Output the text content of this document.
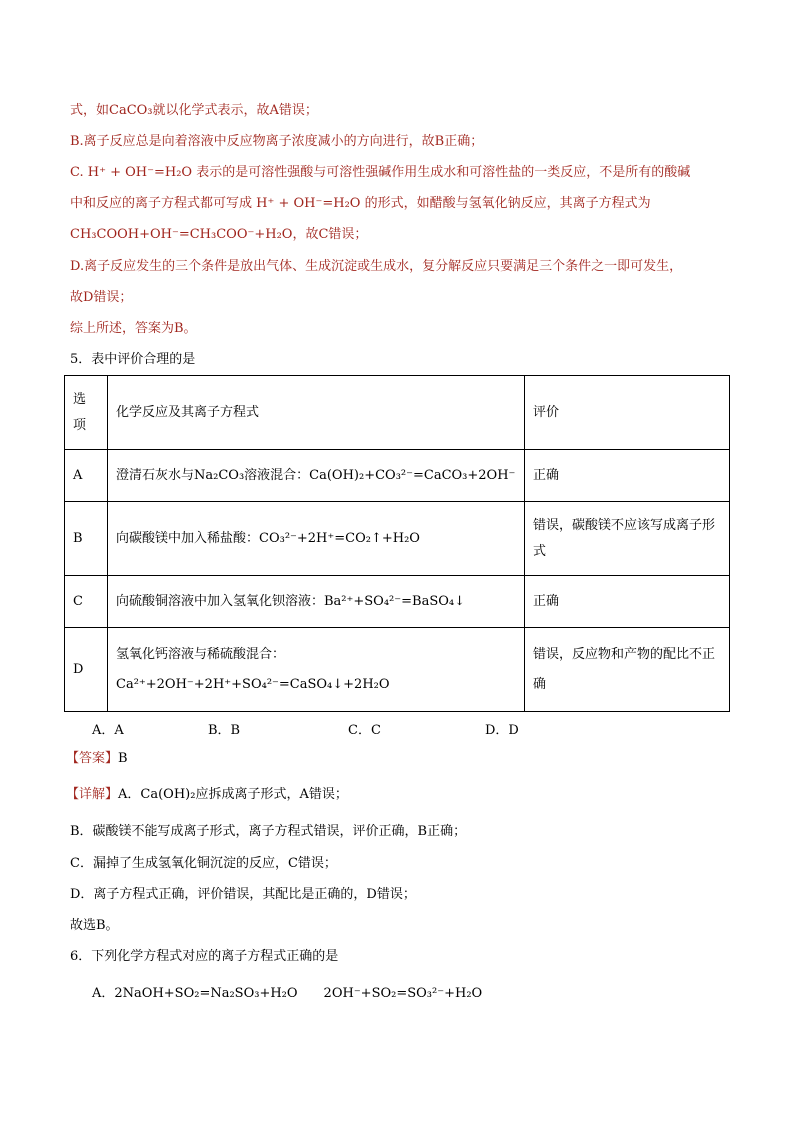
式，如CaCO₃就以化学式表示，故A错误；
B.离子反应总是向着溶液中反应物离子浓度减小的方向进行，故B正确；
C. H⁺ + OH⁻=H₂O 表示的是可溶性强酸与可溶性强碱作用生成水和可溶性盐的一类反应，不是所有的酸碱
中和反应的离子方程式都可写成 H⁺ + OH⁻=H₂O 的形式，如醋酸与氢氧化钠反应，其离子方程式为
CH₃COOH+OH⁻=CH₃COO⁻+H₂O，故C错误；
D.离子反应发生的三个条件是放出气体、生成沉淀或生成水，复分解反应只要满足三个条件之一即可发生，
故D错误；
综上所述，答案为B。
5．表中评价合理的是
选
项	化学反应及其离子方程式	评价
A	澄清石灰水与Na₂CO₃溶液混合：Ca(OH)₂+CO₃²⁻=CaCO₃+2OH⁻	正确
B	向碳酸镁中加入稀盐酸：CO₃²⁻+2H⁺=CO₂↑+H₂O	错误，碳酸镁不应该写成离子形式
C	向硫酸铜溶液中加入氢氧化钡溶液：Ba²⁺+SO₄²⁻=BaSO₄↓	正确
D	氢氧化钙溶液与稀硫酸混合：Ca²⁺+2OH⁻+2H⁺+SO₄²⁻=CaSO₄↓+2H₂O	错误，反应物和产物的配比不正确
A．A	B．B	C．C	D．D
【答案】B
【详解】A．Ca(OH)₂应拆成离子形式，A错误；
B．碳酸镁不能写成离子形式，离子方程式错误，评价正确，B正确；
C．漏掉了生成氢氧化铜沉淀的反应，C错误；
D．离子方程式正确，评价错误，其配比是正确的，D错误；
故选B。
6．下列化学方程式对应的离子方程式正确的是
A．2NaOH+SO₂=Na₂SO₃+H₂O　　2OH⁻+SO₂=SO₃²⁻+H₂O
